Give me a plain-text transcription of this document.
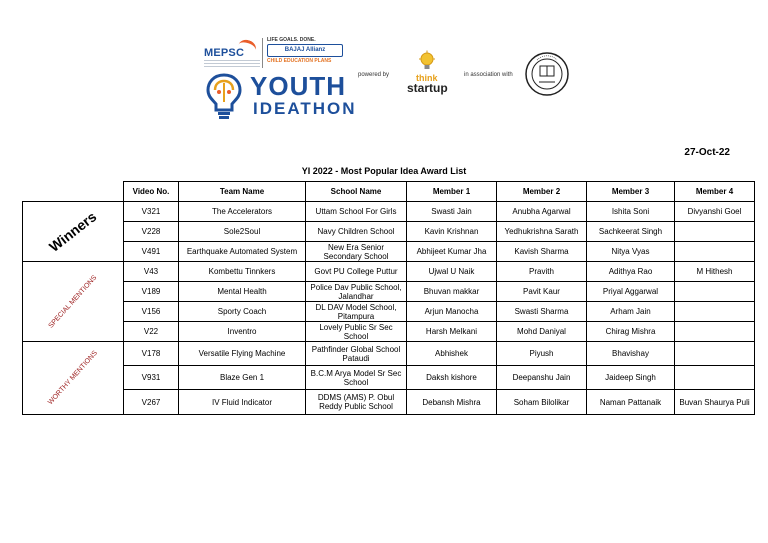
MEPSC
LIFE GOALS. DONE.
BAJAJ Allianz
CHILD EDUCATION PLANS
YOUTH
IDEATHON
powered by	think
startup
in association with
27-Oct-22
YI 2022 - Most Popular Idea Award List
	Video No.	Team Name	School Name	Member 1	Member 2	Member 3	Member 4

Winners	V321	The Accelerators	Uttam School For Girls	Swasti Jain	Anubha Agarwal	Ishita Soni	Divyanshi Goel
	V228	Sole2Soul	Navy Children School	Kavin Krishnan	Yedhukrishna Sarath	Sachkeerat Singh	
	V491	Earthquake Automated System	New Era Senior Secondary School	Abhijeet Kumar Jha	Kavish Sharma	Nitya Vyas	

SPECIAL MENTIONS	V43	Kombettu Tinnkers	Govt PU College Puttur	Ujwal U Naik	Pravith	Adithya Rao	M Hithesh
	V189	Mental Health	Police Dav Public School, Jalandhar	Bhuvan makkar	Pavit Kaur	Priyal Aggarwal	
	V156	Sporty Coach	DL DAV Model School, Pitampura	Arjun Manocha	Swasti Sharma	Arham Jain	
	V22	Inventro	Lovely Public Sr Sec School	Harsh Melkani	Mohd Daniyal	Chirag Mishra	

WORTHY MENTIONS	V178	Versatile Flying Machine	Pathfinder Global School Pataudi	Abhishek	Piyush	Bhavishay	
	V931	Blaze Gen 1	B.C.M Arya Model Sr Sec School	Daksh kishore	Deepanshu Jain	Jaideep Singh	
	V267	IV Fluid Indicator	DDMS (AMS) P. Obul Reddy Public School	Debansh Mishra	Soham Bilolikar	Naman Pattanaik	Buvan Shaurya Puli
